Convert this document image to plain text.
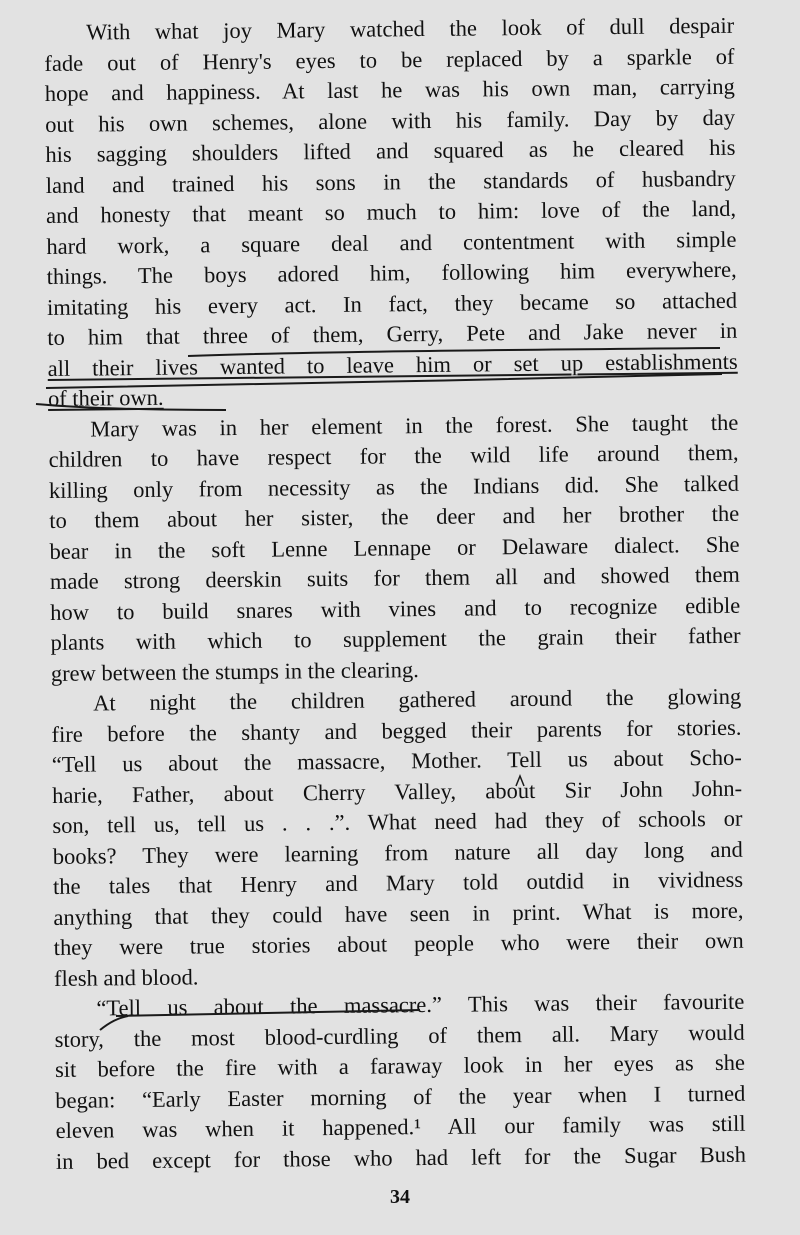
With what joy Mary watched the look of dull despair
fade out of Henry's eyes to be replaced by a sparkle of
hope and happiness. At last he was his own man, carrying
out his own schemes, alone with his family. Day by day
his sagging shoulders lifted and squared as he cleared his
land and trained his sons in the standards of husbandry
and honesty that meant so much to him: love of the land,
hard work, a square deal and contentment with simple
things. The boys adored him, following him everywhere,
imitating his every act. In fact, they became so attached
to him that three of them, Gerry, Pete and Jake never in
all their lives wanted to leave him or set up establishments
of their own.
Mary was in her element in the forest. She taught the
children to have respect for the wild life around them,
killing only from necessity as the Indians did. She talked
to them about her sister, the deer and her brother the
bear in the soft Lenne Lennape or Delaware dialect. She
made strong deerskin suits for them all and showed them
how to build snares with vines and to recognize edible
plants with which to supplement the grain their father
grew between the stumps in the clearing.
At night the children gathered around the glowing
fire before the shanty and begged their parents for stories.
“Tell us about the massacre, Mother. Tell us about Scho-
harie, Father, about Cherry Valley, about Sir John John-
son, tell us, tell us . . .”. What need had they of schools or
books? They were learning from nature all day long and
the tales that Henry and Mary told outdid in vividness
anything that they could have seen in print. What is more,
they were true stories about people who were their own
flesh and blood.
“Tell us about the massacre.” This was their favourite
story, the most blood-curdling of them all. Mary would
sit before the fire with a faraway look in her eyes as she
began: “Early Easter morning of the year when I turned
eleven was when it happened.¹ All our family was still
in bed except for those who had left for the Sugar Bush
34
